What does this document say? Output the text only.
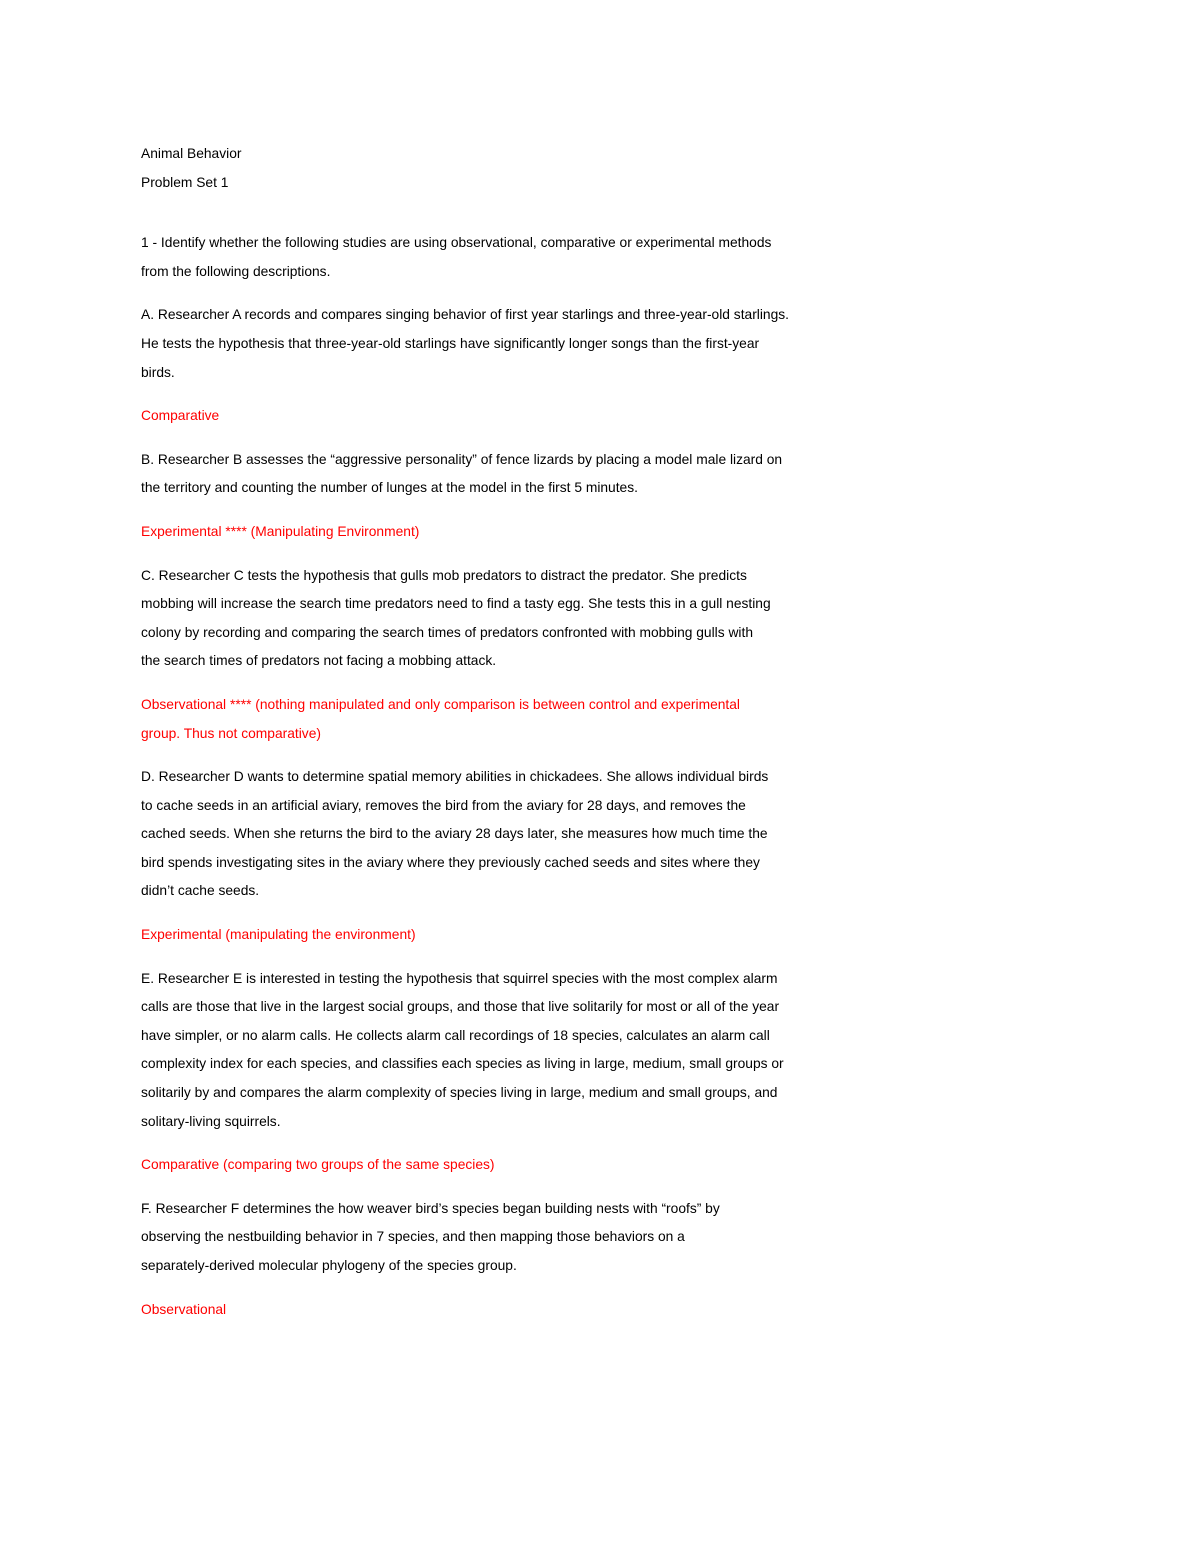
Animal Behavior

Problem Set 1

1 - Identify whether the following studies are using observational, comparative or experimental methods

from the following descriptions.

A. Researcher A records and compares singing behavior of first year starlings and three-year-old starlings.

He tests the hypothesis that three-year-old starlings have significantly longer songs than the first-year

birds.

Comparative

B. Researcher B assesses the “aggressive personality” of fence lizards by placing a model male lizard on

the territory and counting the number of lunges at the model in the first 5 minutes.

Experimental **** (Manipulating Environment)

C. Researcher C tests the hypothesis that gulls mob predators to distract the predator. She predicts

mobbing will increase the search time predators need to find a tasty egg. She tests this in a gull nesting

colony by recording and comparing the search times of predators confronted with mobbing gulls with

the search times of predators not facing a mobbing attack.

Observational **** (nothing manipulated and only comparison is between control and experimental

group. Thus not comparative)

D. Researcher D wants to determine spatial memory abilities in chickadees. She allows individual birds

to cache seeds in an artificial aviary, removes the bird from the aviary for 28 days, and removes the

cached seeds. When she returns the bird to the aviary 28 days later, she measures how much time the

bird spends investigating sites in the aviary where they previously cached seeds and sites where they

didn’t cache seeds.

Experimental (manipulating the environment)

E. Researcher E is interested in testing the hypothesis that squirrel species with the most complex alarm

calls are those that live in the largest social groups, and those that live solitarily for most or all of the year

have simpler, or no alarm calls. He collects alarm call recordings of 18 species, calculates an alarm call

complexity index for each species, and classifies each species as living in large, medium, small groups or

solitarily by and compares the alarm complexity of species living in large, medium and small groups, and

solitary-living squirrels.

Comparative (comparing two groups of the same species)

F. Researcher F determines the how weaver bird’s species began building nests with “roofs” by

observing the nestbuilding behavior in 7 species, and then mapping those behaviors on a

separately-derived molecular phylogeny of the species group.

Observational
